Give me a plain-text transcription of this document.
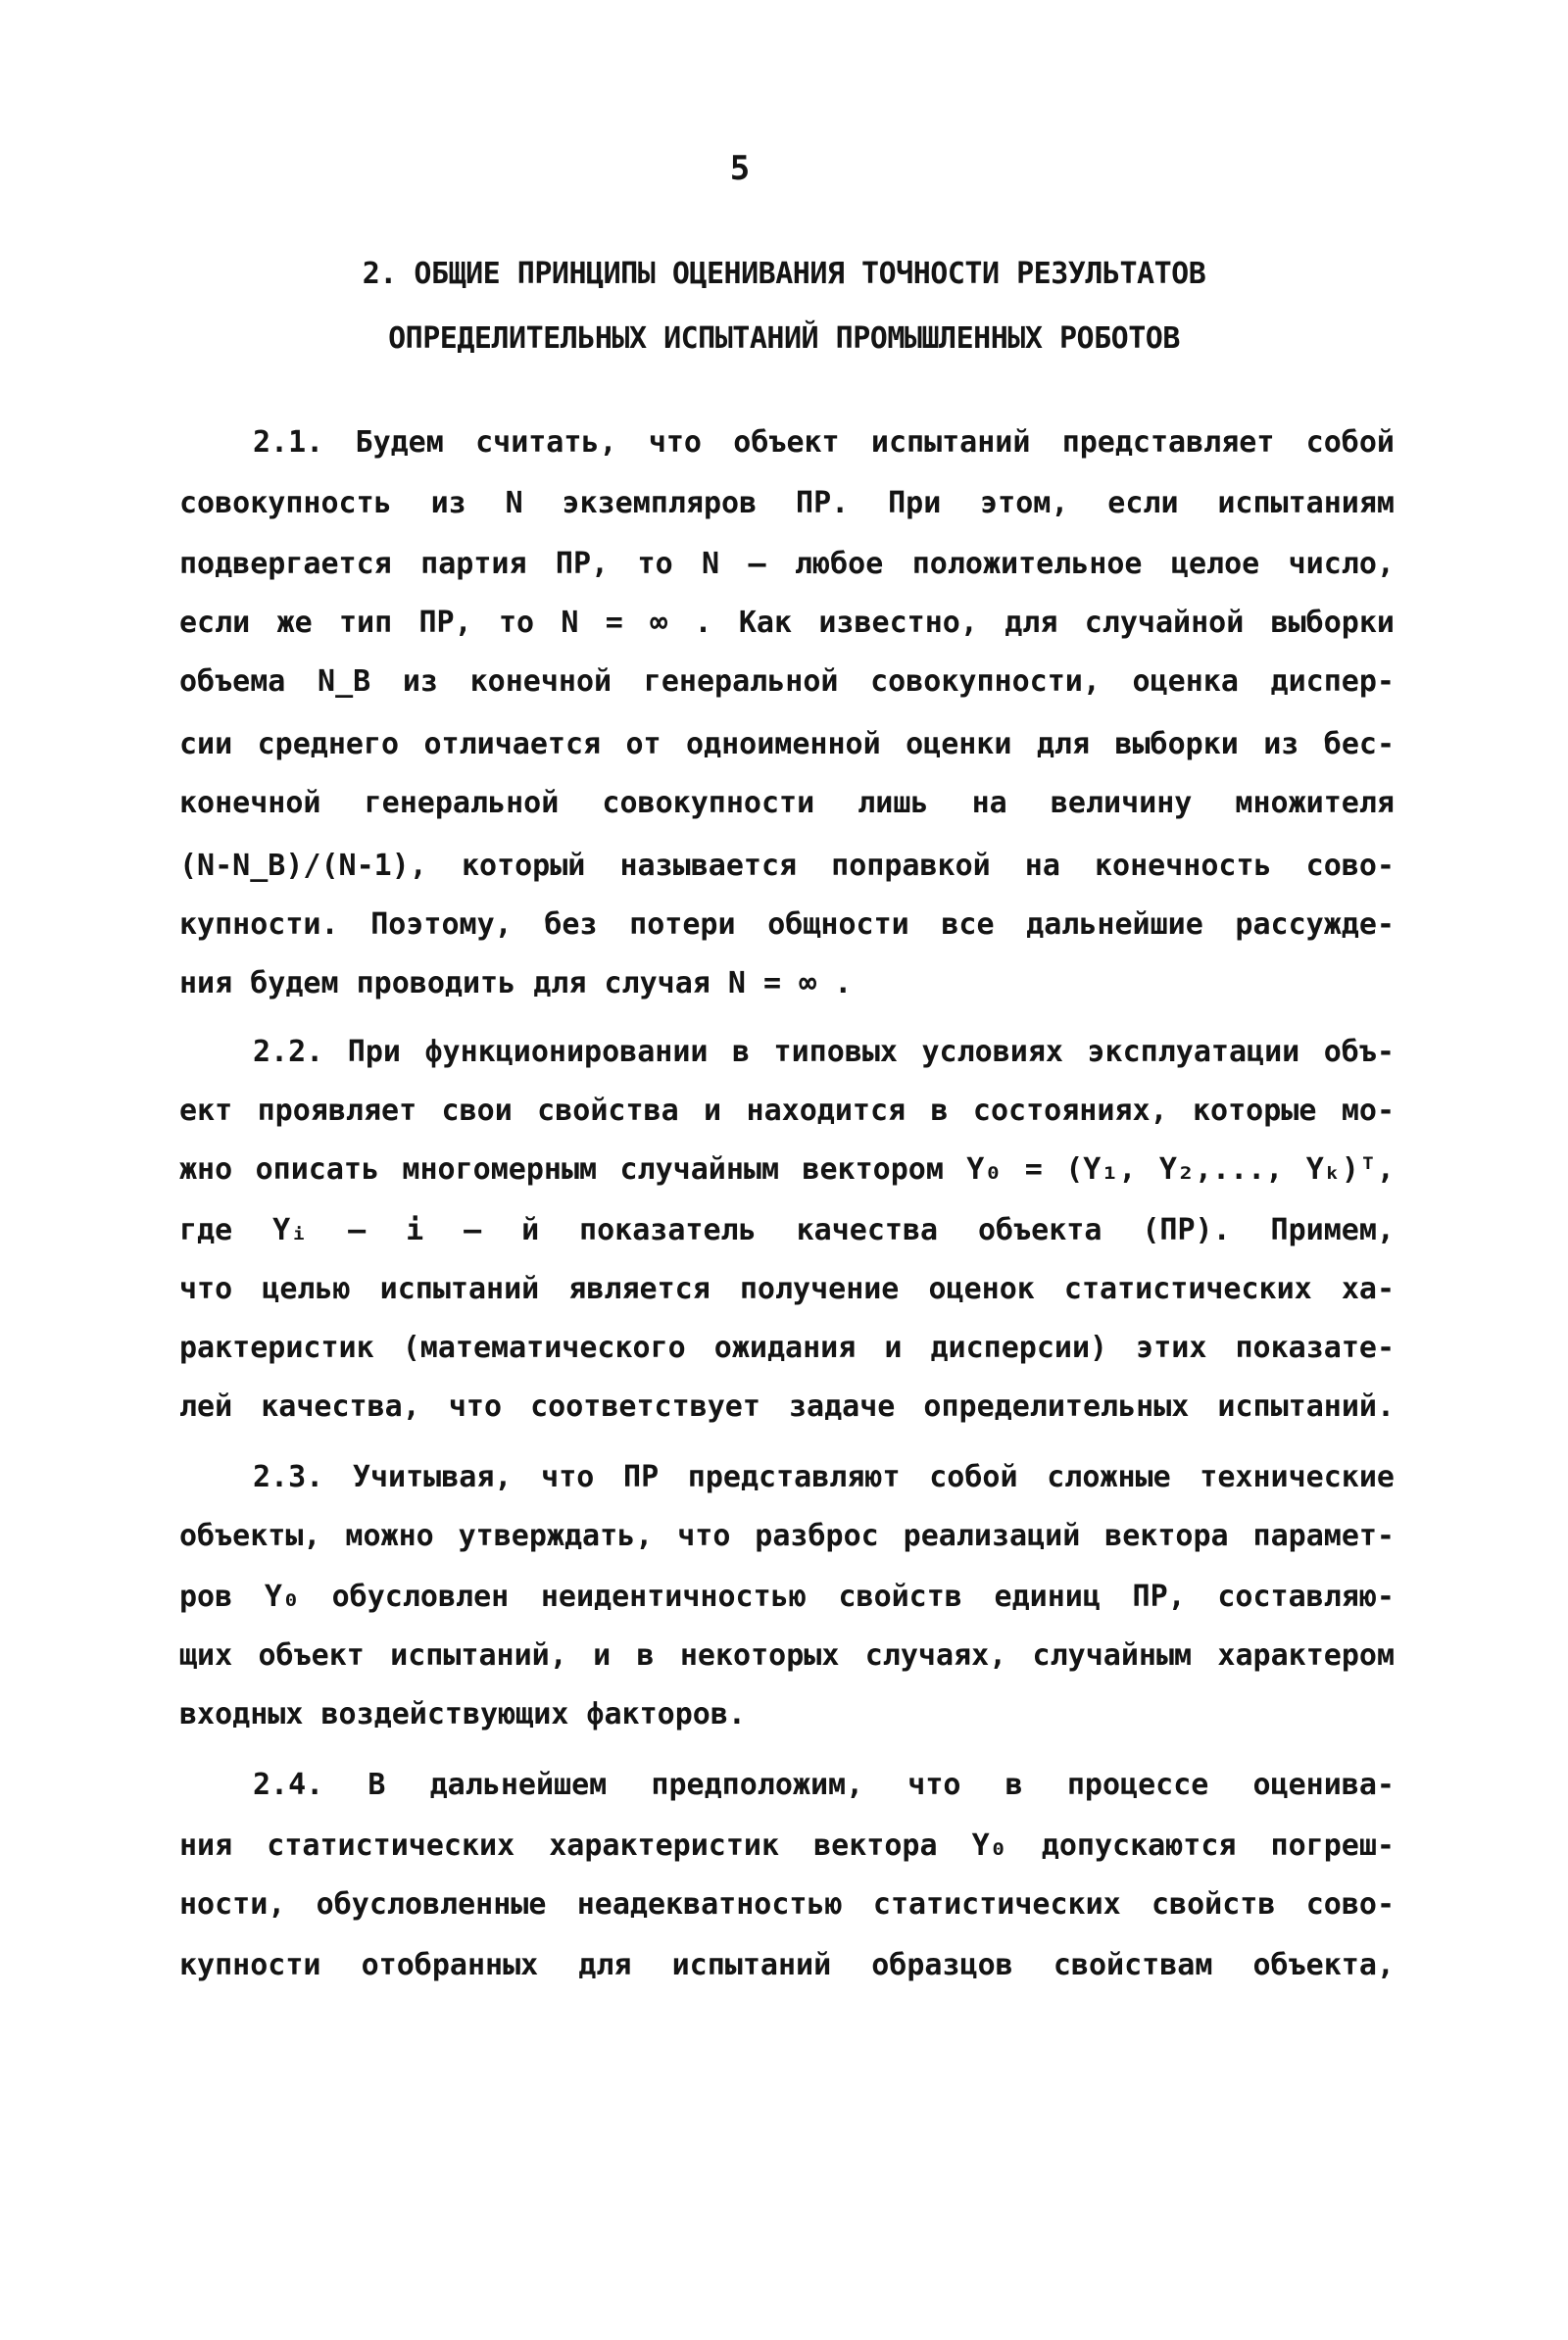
5
2. ОБЩИЕ ПРИНЦИПЫ ОЦЕНИВАНИЯ ТОЧНОСТИ РЕЗУЛЬТАТОВ
ОПРЕДЕЛИТЕЛЬНЫХ ИСПЫТАНИЙ ПРОМЫШЛЕННЫХ РОБОТОВ
2.1. Будем считать, что объект испытаний представляет собой
совокупность из N экземпляров ПР. При этом, если испытаниям
подвергается партия ПР, то N – любое положительное целое число,
если же тип ПР, то N = ∞ . Как известно, для случайной выборки
объема N_B из конечной генеральной совокупности, оценка диспер-
сии среднего отличается от одноименной оценки для выборки из бес-
конечной генеральной совокупности лишь на величину множителя
(N-N_B)/(N-1), который называется поправкой на конечность сово-
купности. Поэтому, без потери общности все дальнейшие рассужде-
ния будем проводить для случая N = ∞ .
2.2. При функционировании в типовых условиях эксплуатации объ-
ект проявляет свои свойства и находится в состояниях, которые мо-
жно описать многомерным случайным вектором Y₀ = (Y₁, Y₂,..., Yₖ)ᵀ,
где Yᵢ – i – й показатель качества объекта (ПР). Примем,
что целью испытаний является получение оценок статистических ха-
рактеристик (математического ожидания и дисперсии) этих показате-
лей качества, что соответствует задаче определительных испытаний.
2.3. Учитывая, что ПР представляют собой сложные технические
объекты, можно утверждать, что разброс реализаций вектора парамет-
ров Y₀ обусловлен неидентичностью свойств единиц ПР, составляю-
щих объект испытаний, и в некоторых случаях, случайным характером
входных воздействующих факторов.
2.4. В дальнейшем предположим, что в процессе оценива-
ния статистических характеристик вектора Y₀ допускаются погреш-
ности, обусловленные неадекватностью статистических свойств сово-
купности отобранных для испытаний образцов свойствам объекта,
